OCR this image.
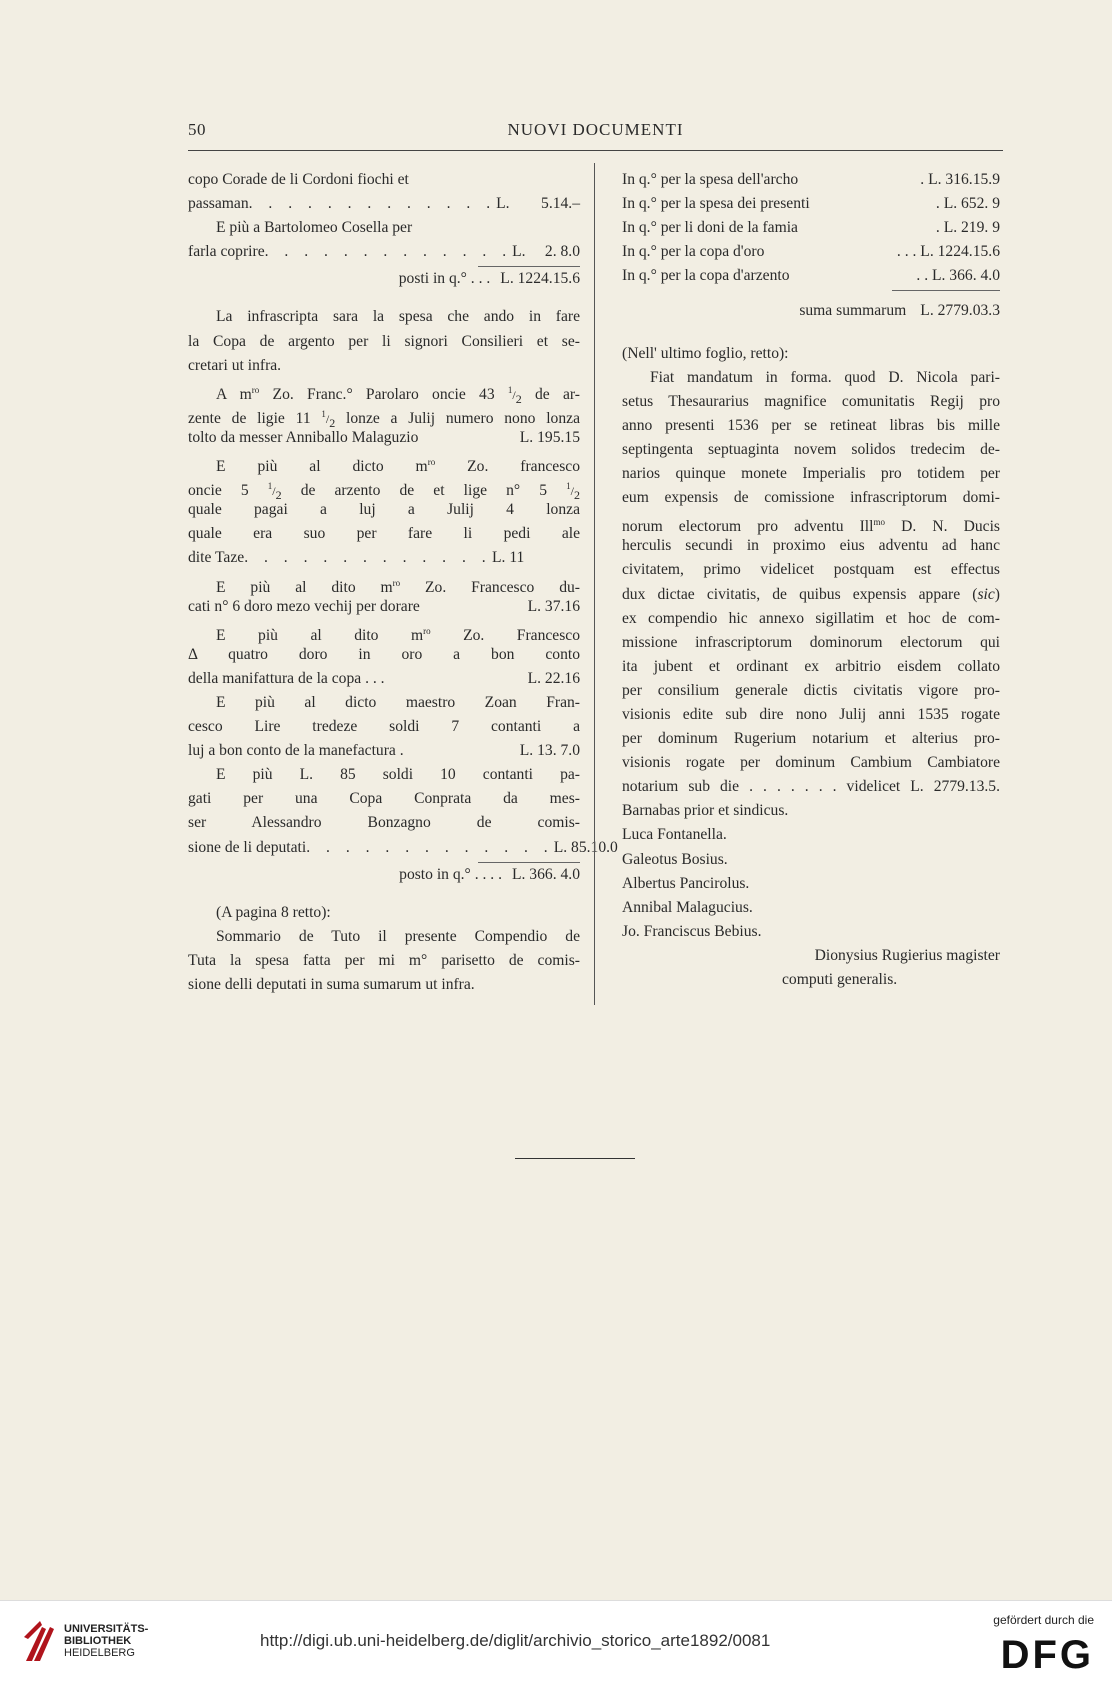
50	NUOVI DOCUMENTI
copo Corade de li Cordoni fiochi et
passaman . . . . . . . . . . . . . L.	5.14.–
E più a Bartolomeo Cosella per
farla coprire . . . . . . . . . . . . . L.	2. 8.0
posti in q.° . . . L. 1224.15.6
La infrascripta sara la spesa che ando in fare
la Copa de argento per li signori Consilieri et se-
cretari ut infra.
A $m^{ro}$ Zo. Franc.° Parolaro oncie 43 $^1/_2$ de ar-
zente de ligie 11 $^1/_2$ lonze a Julij numero nono lonza
tolto da messer Anniballo Malaguzio	L. 195.15
E più al dicto $m^{ro}$ Zo. francesco
oncie 5 $^1/_2$ de arzento de et lige n° 5 $^1/_2$
quale pagai a luj a Julij 4 lonza
quale era suo per fare li pedi ale
dite Taze . . . . . . . . . . . . . L. 11
E più al dito $m^{ro}$ Zo. Francesco du-
cati n° 6 doro mezo vechij per dorare	L. 37.16
E più al dito $m^{ro}$ Zo. Francesco
Δ quatro doro in oro a bon conto
della manifattura de la copa . . .	L. 22.16
E più al dicto maestro Zoan Fran-
cesco Lire tredeze soldi 7 contanti a
luj a bon conto de la manefactura .	L. 13. 7.0
E più L. 85 soldi 10 contanti pa-
gati per una Copa Conprata da mes-
ser Alessandro Bonzagno de comis-
sione de li deputati . . . . . . . . . . . . . L. 85.10.0
posto in q.° . . . . L. 366. 4.0
(A pagina 8 retto):
Sommario de Tuto il presente Compendio de
Tuta la spesa fatta per mi m° parisetto de comis-
sione delli deputati in suma sumarum ut infra.
In q.° per la spesa dell'archo	. L. 316.15.9
In q.° per la spesa dei presenti	. L. 652. 9
In q.° per li doni de la famia	. L. 219. 9
In q.° per la copa d'oro	. . . L. 1224.15.6
In q.° per la copa d'arzento	. . L. 366. 4.0
suma summarum L. 2779.03.3
(Nell' ultimo foglio, retto):
Fiat mandatum in forma. quod D. Nicola pari-
setus Thesaurarius magnifice comunitatis Regij pro
anno presenti 1536 per se retineat libras bis mille
septingenta septuaginta novem solidos tredecim de-
narios quinque monete Imperialis pro totidem per
eum expensis de comissione infrascriptorum domi-
norum electorum pro adventu Ill$^{mo}$ D. N. Ducis
herculis secundi in proximo eius adventu ad hanc
civitatem, primo videlicet postquam est effectus
dux dictae civitatis, de quibus expensis appare (sic)
ex compendio hic annexo sigillatim et hoc de com-
missione infrascriptorum dominorum electorum qui
ita jubent et ordinant ex arbitrio eisdem collato
per consilium generale dictis civitatis vigore pro-
visionis edite sub dire nono Julij anni 1535 rogate
per dominum Rugerium notarium et alterius pro-
visionis rogate per dominum Cambium Cambiatore
notarium sub die . . . . . . . videlicet L. 2779.13.5.
Barnabas prior et sindicus.
Luca Fontanella.
Galeotus Bosius.
Albertus Pancirolus.
Annibal Malagucius.
Jo. Franciscus Bebius.
Dionysius Rugierius magister
computi generalis.
UNIVERSITÄTS-
BIBLIOTHEK
HEIDELBERG
http://digi.ub.uni-heidelberg.de/diglit/archivio_storico_arte1892/0081
gefördert durch die
DFG
